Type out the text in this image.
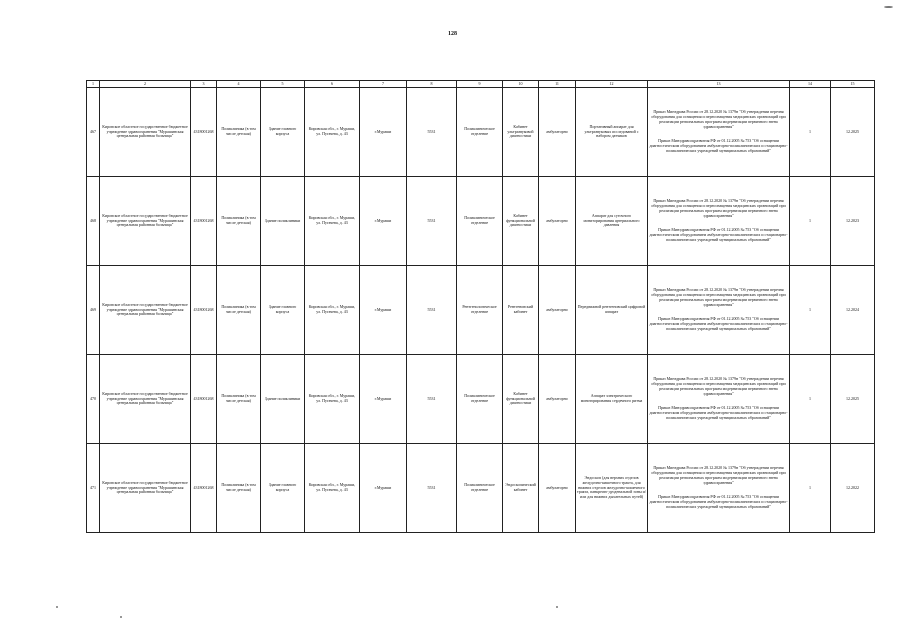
128
1	2	3	4	5	6	7	8	9	10	11	12	13	14	15
467	Кировское областное государственное бюджетное учреждение здравоохранения "Мурашинская центральная районная больница"	4318001268	Поликлиника (в том числе детская)	Здание главного корпуса	Кировская обл., г. Мураши, ул. Пугачева, д. 43	г.Мураши	5531	Поликлиническое отделение	Кабинет ультразвуковой диагностики	амбулаторно	Портативный аппарат для ультразвуковых исследований с набором датчиков	Приказ Минздрава России от 28.12.2020 № 1379н "Об утверждении перечня оборудования для оснащения и переоснащения медицинских организаций при реализации региональных программ модернизации первичного звена здравоохранения"
Приказ Минздравсоцразвития РФ от 01.12.2005 № 753 "Об оснащении диагностическим оборудованием амбулаторно-поликлинических и стационарно-поликлинических учреждений муниципальных образований"	1	12.2025
468	Кировское областное государственное бюджетное учреждение здравоохранения "Мурашинская центральная районная больница"	4318001268	Поликлиника (в том числе детская)	Здание поликлиники	Кировская обл., г. Мураши, ул. Пугачева, д. 43	г.Мураши	5531	Поликлиническое отделение	Кабинет функциональной диагностики	амбулаторно	Аппарат для суточного мониторирования артериального давления	Приказ Минздрава России от 28.12.2020 № 1379н "Об утверждении перечня оборудования для оснащения и переоснащения медицинских организаций при реализации региональных программ модернизации первичного звена здравоохранения"
Приказ Минздравсоцразвития РФ от 01.12.2005 № 753 "Об оснащении диагностическим оборудованием амбулаторно-поликлинических и стационарно-поликлинических учреждений муниципальных образований"	1	12.2023
469	Кировское областное государственное бюджетное учреждение здравоохранения "Мурашинская центральная районная больница"	4318001268	Поликлиника (в том числе детская)	Здание главного корпуса	Кировская обл., г. Мураши, ул. Пугачева, д. 43	г.Мураши	5531	Рентгенологическое отделение	Рентгеновский кабинет	амбулаторно	Передвижной рентгеновский цифровой аппарат	Приказ Минздрава России от 28.12.2020 № 1379н "Об утверждении перечня оборудования для оснащения и переоснащения медицинских организаций при реализации региональных программ модернизации первичного звена здравоохранения"
Приказ Минздравсоцразвития РФ от 01.12.2005 № 753 "Об оснащении диагностическим оборудованием амбулаторно-поликлинических и стационарно-поликлинических учреждений муниципальных образований"	1	12.2024
470	Кировское областное государственное бюджетное учреждение здравоохранения "Мурашинская центральная районная больница"	4318001268	Поликлиника (в том числе детская)	Здание поликлиники	Кировская обл., г. Мураши, ул. Пугачева, д. 43	г.Мураши	5531	Поликлиническое отделение	Кабинет функциональной диагностики	амбулаторно	Аппарат электрического мониторирования сердечного ритма	Приказ Минздрава России от 28.12.2020 № 1379н "Об утверждении перечня оборудования для оснащения и переоснащения медицинских организаций при реализации региональных программ модернизации первичного звена здравоохранения"
Приказ Минздравсоцразвития РФ от 01.12.2005 № 753 "Об оснащении диагностическим оборудованием амбулаторно-поликлинических и стационарно-поликлинических учреждений муниципальных образований"	1	12.2025
471	Кировское областное государственное бюджетное учреждение здравоохранения "Мурашинская центральная районная больница"	4318001268	Поликлиника (в том числе детская)	Здание главного корпуса	Кировская обл., г. Мураши, ул. Пугачева, д. 43	г.Мураши	5531	Поликлиническое отделение	Эндоскопический кабинет	амбулаторно	Эндоскоп (для верхних отделов желудочно-кишечного тракта, для нижних отделов желудочно-кишечного тракта, панкреато-дуоденальной зоны и/или для нижних дыхательных путей)	Приказ Минздрава России от 28.12.2020 № 1379н "Об утверждении перечня оборудования для оснащения и переоснащения медицинских организаций при реализации региональных программ модернизации первичного звена здравоохранения"
Приказ Минздравсоцразвития РФ от 01.12.2005 № 753 "Об оснащении диагностическим оборудованием амбулаторно-поликлинических и стационарно-поликлинических учреждений муниципальных образований"	1	12.2022
